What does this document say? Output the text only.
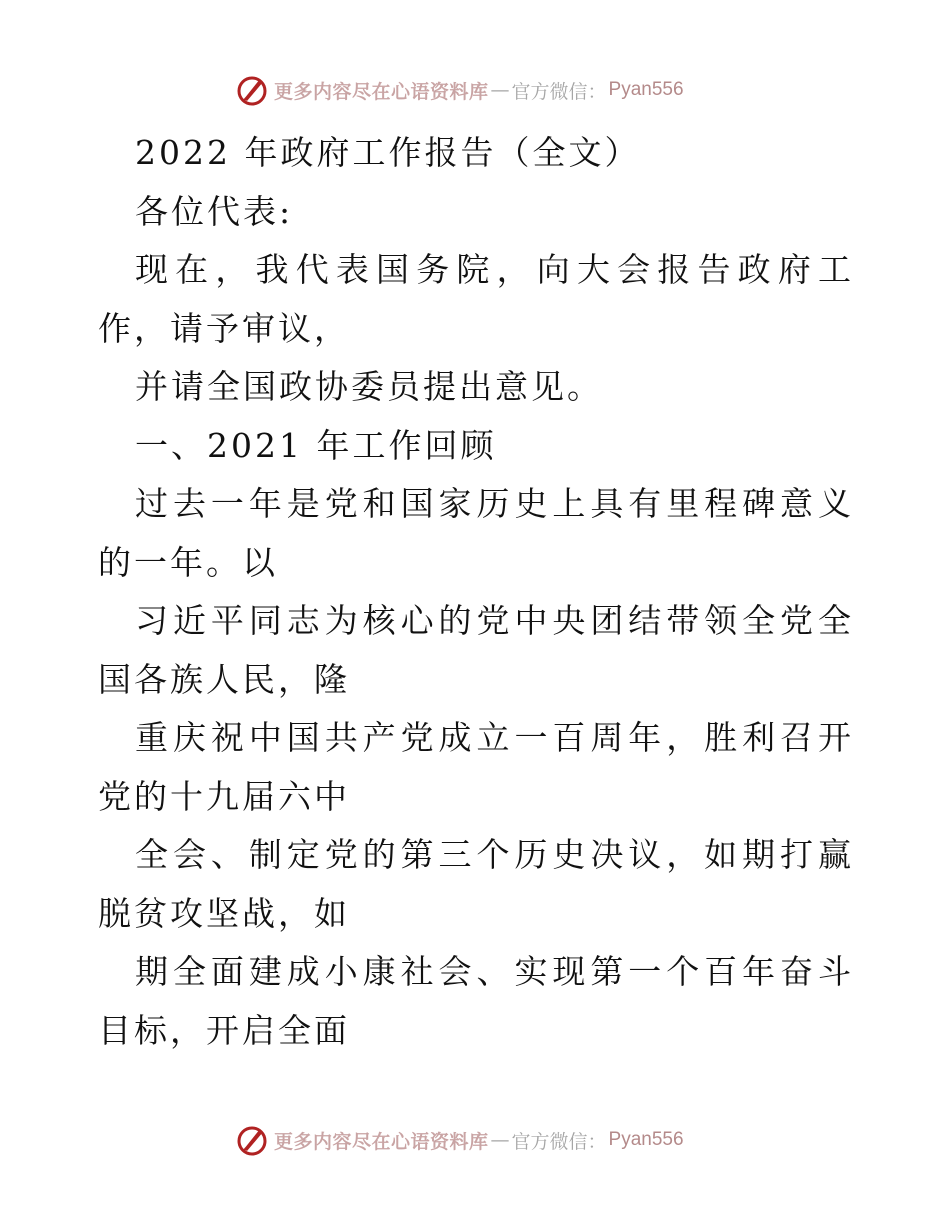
更多内容尽在心语资料库 — 官方微信： Pyan556

2022 年政府工作报告（全文）

各位代表:

现在，我代表国务院，向大会报告政府工作，请予审议，

并请全国政协委员提出意见。

一、2021 年工作回顾

过去一年是党和国家历史上具有里程碑意义的一年。以

习近平同志为核心的党中央团结带领全党全国各族人民，隆

重庆祝中国共产党成立一百周年，胜利召开党的十九届六中

全会、制定党的第三个历史决议，如期打赢脱贫攻坚战，如

期全面建成小康社会、实现第一个百年奋斗目标，开启全面

更多内容尽在心语资料库 — 官方微信： Pyan556
